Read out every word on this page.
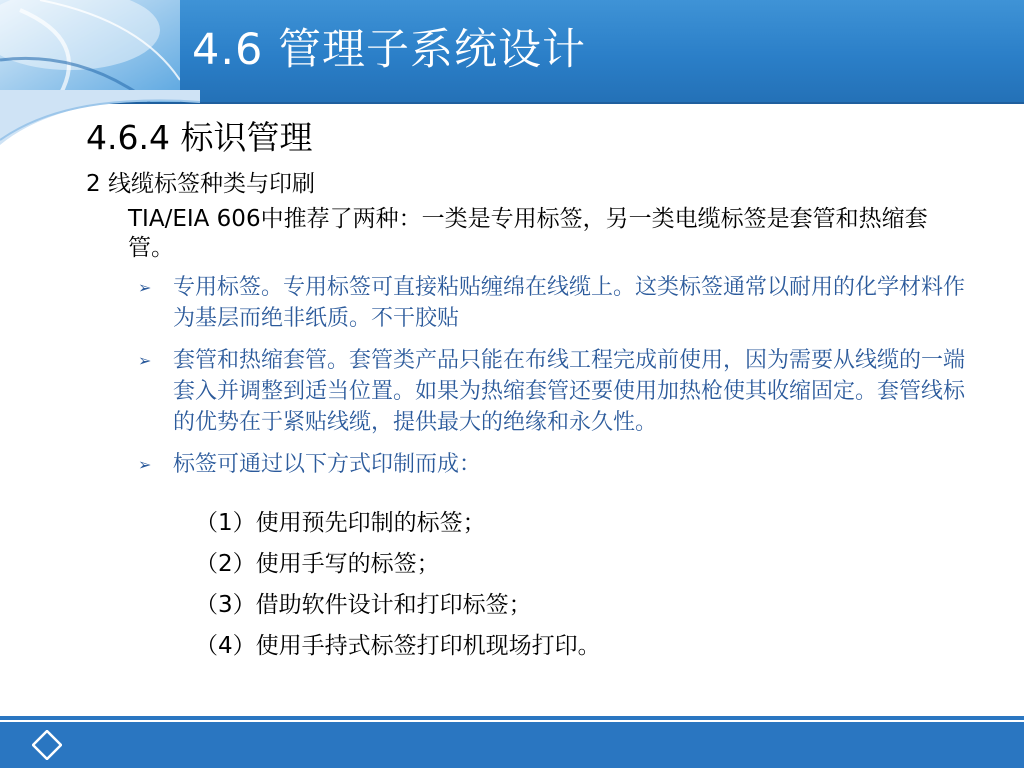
4.6 管理子系统设计
4.6.4 标识管理
2 线缆标签种类与印刷
TIA/EIA 606中推荐了两种：一类是专用标签，另一类电缆标签是套管和热缩套管。
➢ 专用标签。专用标签可直接粘贴缠绵在线缆上。这类标签通常以耐用的化学材料作为基层而绝非纸质。不干胶贴
➢ 套管和热缩套管。套管类产品只能在布线工程完成前使用，因为需要从线缆的一端套入并调整到适当位置。如果为热缩套管还要使用加热枪使其收缩固定。套管线标的优势在于紧贴线缆，提供最大的绝缘和永久性。
➢ 标签可通过以下方式印制而成：
（1）使用预先印制的标签；
（2）使用手写的标签；
（3）借助软件设计和打印标签；
（4）使用手持式标签打印机现场打印。
